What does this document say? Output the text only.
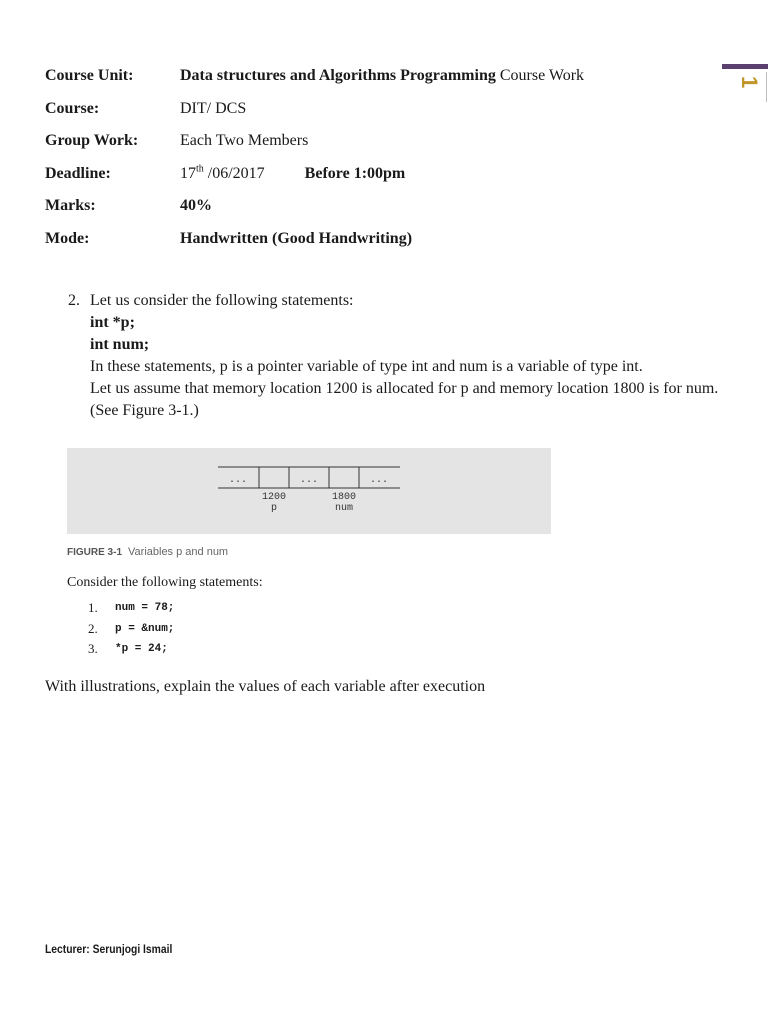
1
Course Unit:	Data structures and Algorithms Programming Course Work
Course:	DIT/ DCS
Group Work:	Each Two Members
Deadline:	17th /06/2017	Before 1:00pm
Marks:	40%
Mode:	Handwritten (Good Handwriting)
2. Let us consider the following statements:
int *p;
int num;
In these statements, p is a pointer variable of type int and num is a variable of type int.
Let us assume that memory location 1200 is allocated for p and memory location 1800 is for num. (See Figure 3-1.)
...	...	...
1200
p
1800
num
FIGURE 3-1 Variables p and num
Consider the following statements:
1.	num = 78;
2.	p = &num;
3.	*p = 24;
With illustrations, explain the values of each variable after execution
Lecturer: Serunjogi Ismail
